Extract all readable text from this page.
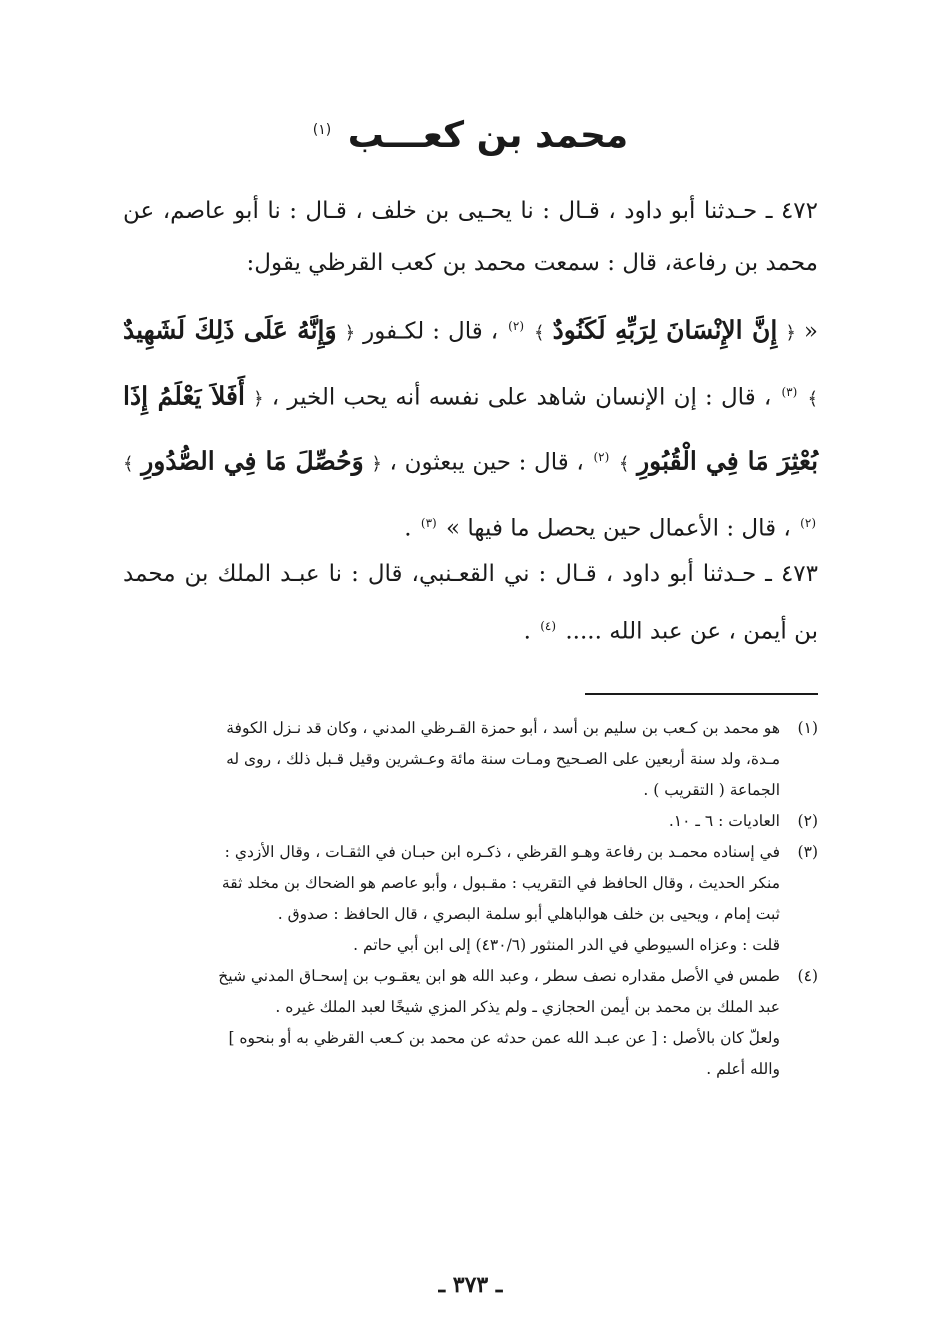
محمد بن كعـــب $^{(١)}$
٤٧٢ ـ حـدثنا أبو داود ، قـال : نا يحـيى بن خلف ، قـال : نا أبو عاصم، عن محمد بن رفاعة، قال : سمعت محمد بن كعب القرظي يقول:
« ﴿ إِنَّ الإِنْسَانَ لِرَبِّهِ لَكَنُودٌ ﴾ $^{(٢)}$ ، قال : لكـفور ﴿ وَإِنَّهُ عَلَى ذَلِكَ لَشَهِيدٌ ﴾ $^{(٣)}$ ، قال : إن الإنسان شاهد على نفسه أنه يحب الخير ، ﴿ أَفَلاَ يَعْلَمُ إِذَا بُعْثِرَ مَا فِي الْقُبُورِ ﴾ $^{(٢)}$ ، قال : حين يبعثون ، ﴿ وَحُصِّلَ مَا فِي الصُّدُورِ ﴾ $^{(٢)}$ ، قال : الأعمال حين يحصل ما فيها » $^{(٣)}$ .
٤٧٣ ـ حـدثنا أبو داود ، قـال : ني القعـنبي، قال : نا عبـد الملك بن محمد بن أيمن ، عن عبد الله ..... $^{(٤)}$ .
(١)
هو محمد بن كـعب بن سليم بن أسد ، أبو حمزة القـرظي المدني ، وكان قد نـزل الكوفة
مـدة، ولد سنة أربعين على الصـحيح ومـات سنة مائة وعـشرين وقيل قـبل ذلك ، روى له
الجماعة ( التقريب ) .
(٢)
العاديات : ٦ ـ ١٠.
(٣)
في إسناده محمـد بن رفاعة وهـو القرظي ، ذكـره ابن حبـان في الثقـات ، وقال الأزدي :
منكر الحديث ، وقال الحافظ في التقريب : مقـبول ، وأبو عاصم هو الضحاك بن مخلد ثقة
ثبت إمام ، ويحيى بن خلف هوالباهلي أبو سلمة البصري ، قال الحافظ : صدوق .
قلت : وعزاه السيوطي في الدر المنثور (٤٣٠/٦) إلى ابن أبي حاتم .
(٤)
طمس في الأصل مقداره نصف سطر ، وعبد الله هو ابن يعقـوب بن إسحـاق المدني شيخ
عبد الملك بن محمد بن أيمن الحجازي ـ ولم يذكر المزي شيخًا لعبد الملك غيره .
ولعلّ كان بالأصل : [ عن عبـد الله عمن حدثه عن محمد بن كـعب القرظي به أو بنحوه ]
والله أعلم .
ـ ٣٧٣ ـ
